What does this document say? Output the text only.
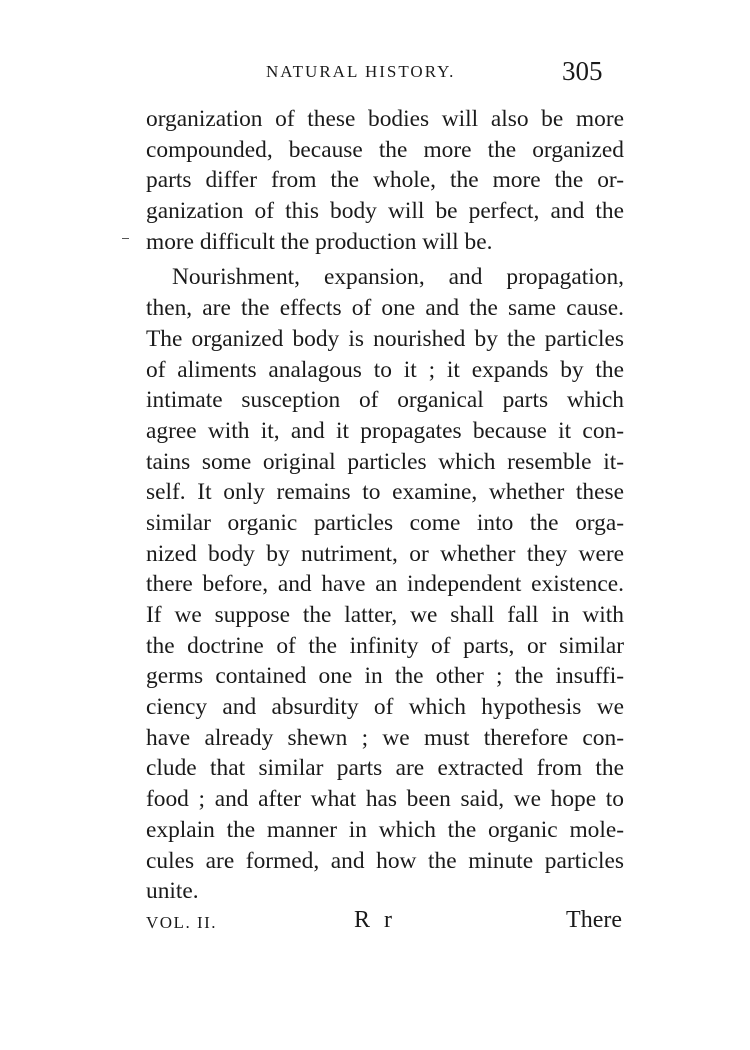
NATURAL HISTORY.	305
organization of these bodies will also be more
compounded, because the more the organized
parts differ from the whole, the more the or-
ganization of this body will be perfect, and the
more difficult the production will be.
Nourishment, expansion, and propagation,
then, are the effects of one and the same cause.
The organized body is nourished by the particles
of aliments analagous to it ; it expands by the
intimate susception of organical parts which
agree with it, and it propagates because it con-
tains some original particles which resemble it-
self. It only remains to examine, whether these
similar organic particles come into the orga-
nized body by nutriment, or whether they were
there before, and have an independent existence.
If we suppose the latter, we shall fall in with
the doctrine of the infinity of parts, or similar
germs contained one in the other ; the insuffi-
ciency and absurdity of which hypothesis we
have already shewn ; we must therefore con-
clude that similar parts are extracted from the
food ; and after what has been said, we hope to
explain the manner in which the organic mole-
cules are formed, and how the minute particles
unite.
VOL. II.	R r	There
